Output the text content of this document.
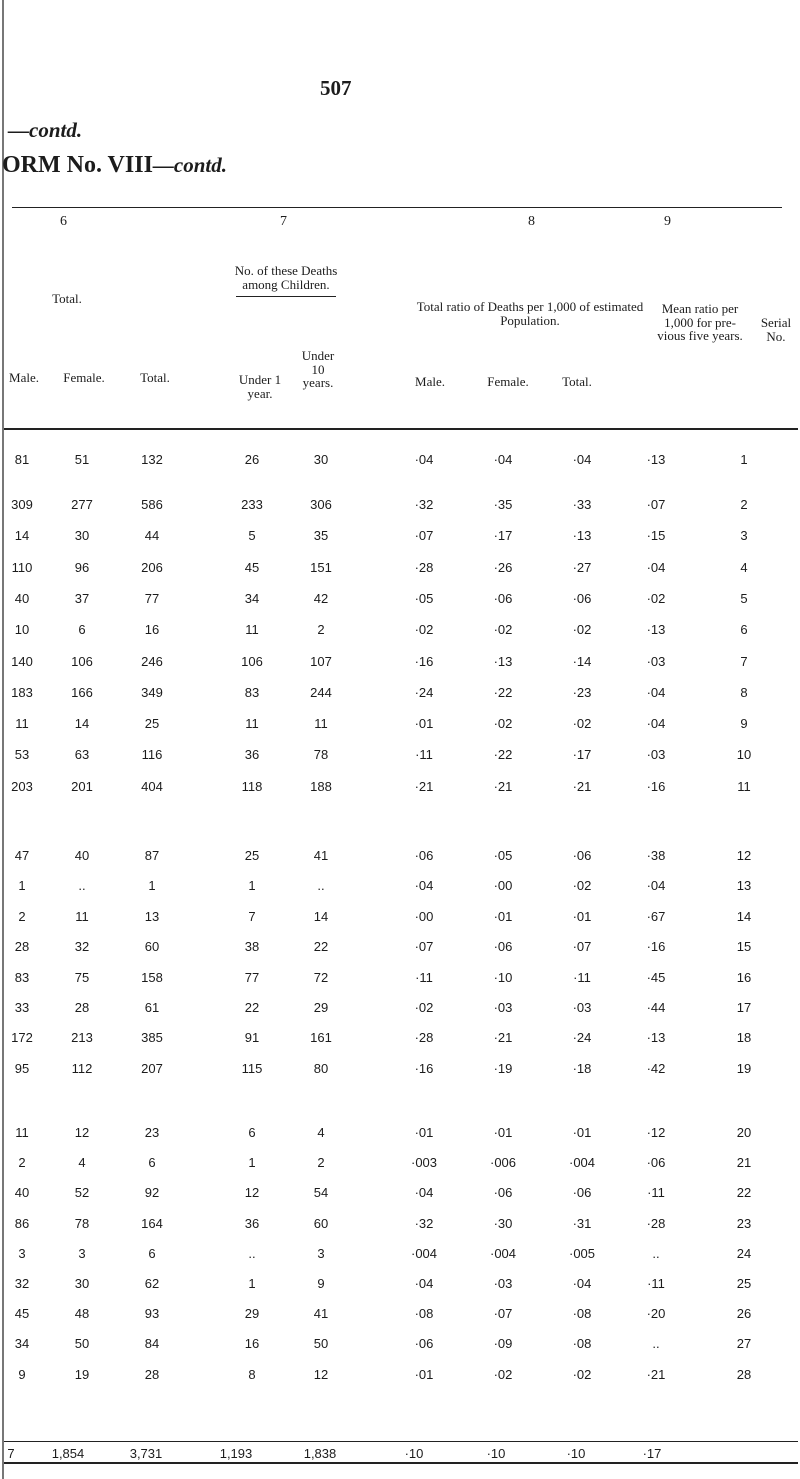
507
—contd.
ORM No. VIII—contd.
6	7	8	9
Total.
No. of these Deaths among Children.
Total ratio of Deaths per 1,000 of estimated Population.
Mean ratio per 1,000 for pre-vious five years.
Serial No.
Male.	Female.	Total.	Under 1 year.
Under 10 years.	Male.	Female.	Total.
81	51	132	26	30	·04	·04	·04	·13	1
309	277	586	233	306	·32	·35	·33	·07	2
14	30	44	5	35	·07	·17	·13	·15	3
110	96	206	45	151	·28	·26	·27	·04	4
40	37	77	34	42	·05	·06	·06	·02	5
10	6	16	11	2	·02	·02	·02	·13	6
140	106	246	106	107	·16	·13	·14	·03	7
183	166	349	83	244	·24	·22	·23	·04	8
11	14	25	11	11	·01	·02	·02	·04	9
53	63	116	36	78	·11	·22	·17	·03	10
203	201	404	118	188	·21	·21	·21	·16	11
47	40	87	25	41	·06	·05	·06	·38	12
1	..	1	1	..	·04	·00	·02	·04	13
2	11	13	7	14	·00	·01	·01	·67	14
28	32	60	38	22	·07	·06	·07	·16	15
83	75	158	77	72	·11	·10	·11	·45	16
33	28	61	22	29	·02	·03	·03	·44	17
172	213	385	91	161	·28	·21	·24	·13	18
95	112	207	115	80	·16	·19	·18	·42	19
11	12	23	6	4	·01	·01	·01	·12	20
2	4	6	1	2	·003	·006	·004	·06	21
40	52	92	12	54	·04	·06	·06	·11	22
86	78	164	36	60	·32	·30	·31	·28	23
3	3	6	..	3	·004	·004	·005	..	24
32	30	62	1	9	·04	·03	·04	·11	25
45	48	93	29	41	·08	·07	·08	·20	26
34	50	84	16	50	·06	·09	·08	..	27
9	19	28	8	12	·01	·02	·02	·21	28
7	1,854	3,731	1,193	1,838	·10	·10	·10	·17
